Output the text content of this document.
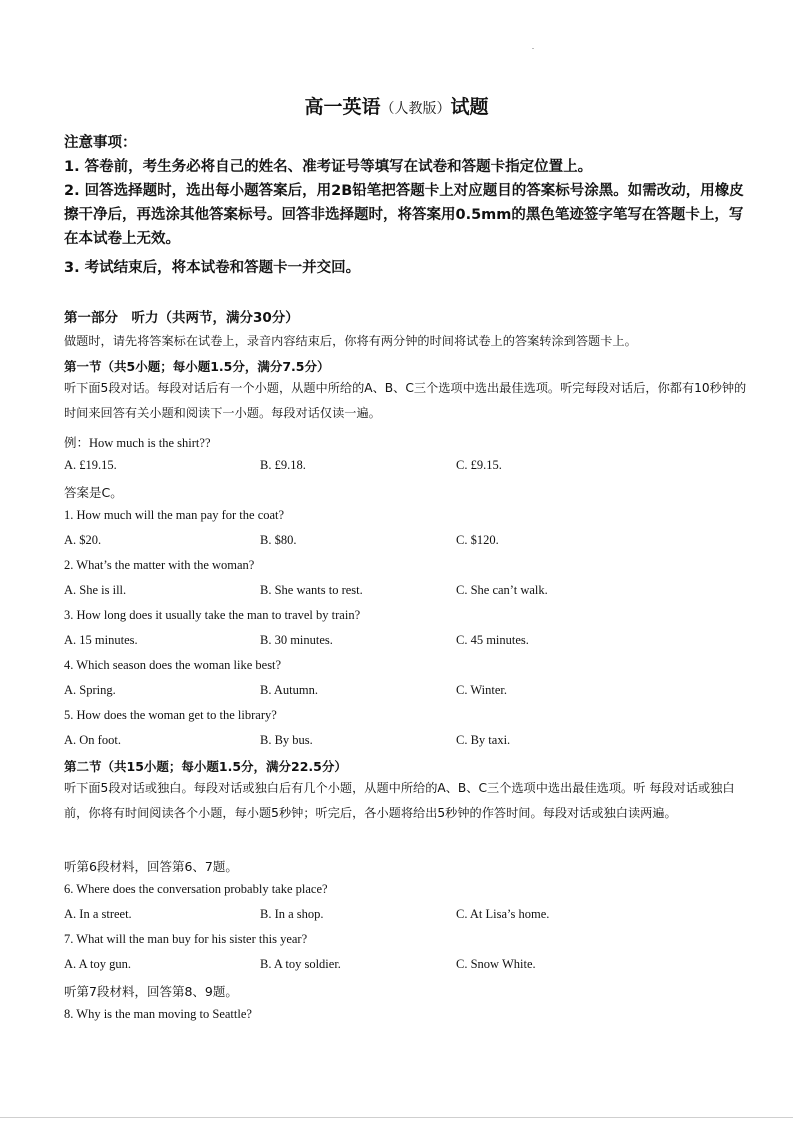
高一英语（人教版）试题
注意事项：
1. 答卷前，考生务必将自己的姓名、准考证号等填写在试卷和答题卡指定位置上。
2. 回答选择题时，选出每小题答案后，用2B铅笔把答题卡上对应题目的答案标号涂黑。如需改动，用橡皮擦干净后，再选涂其他答案标号。回答非选择题时，将答案用0.5mm的黑色笔迹签字笔写在答题卡上，写在本试卷上无效。
3. 考试结束后，将本试卷和答题卡一并交回。
第一部分　听力（共两节，满分30分）
做题时，请先将答案标在试卷上，录音内容结束后，你将有两分钟的时间将试卷上的答案转涂到答题卡上。
第一节（共5小题；每小题1.5分，满分7.5分）
听下面5段对话。每段对话后有一个小题，从题中所给的A、B、C三个选项中选出最佳选项。听完每段对话后，你都有10秒钟的时间来回答有关小题和阅读下一小题。每段对话仅读一遍。
例：How much is the shirt??
A. £19.15.	B. £9.18.	C. £9.15.
答案是C。
1. How much will the man pay for the coat?
A. $20.	B. $80.	C. $120.
2. What’s the matter with the woman?
A. She is ill.	B. She wants to rest.	C. She can’t walk.
3. How long does it usually take the man to travel by train?
A. 15 minutes.	B. 30 minutes.	C. 45 minutes.
4. Which season does the woman like best?
A. Spring.	B. Autumn.	C. Winter.
5. How does the woman get to the library?
A. On foot.	B. By bus.	C. By taxi.
第二节（共15小题；每小题1.5分，满分22.5分）
听下面5段对话或独白。每段对话或独白后有几个小题，从题中所给的A、B、C三个选项中选出最佳选项。听 每段对话或独白前，你将有时间阅读各个小题，每小题5秒钟；听完后，各小题将给出5秒钟的作答时间。每段对话或独白读两遍。
听第6段材料，回答第6、7题。
6. Where does the conversation probably take place?
A. In a street.	B. In a shop.	C. At Lisa’s home.
7. What will the man buy for his sister this year?
A. A toy gun.	B. A toy soldier.	C. Snow White.
听第7段材料，回答第8、9题。
8. Why is the man moving to Seattle?
